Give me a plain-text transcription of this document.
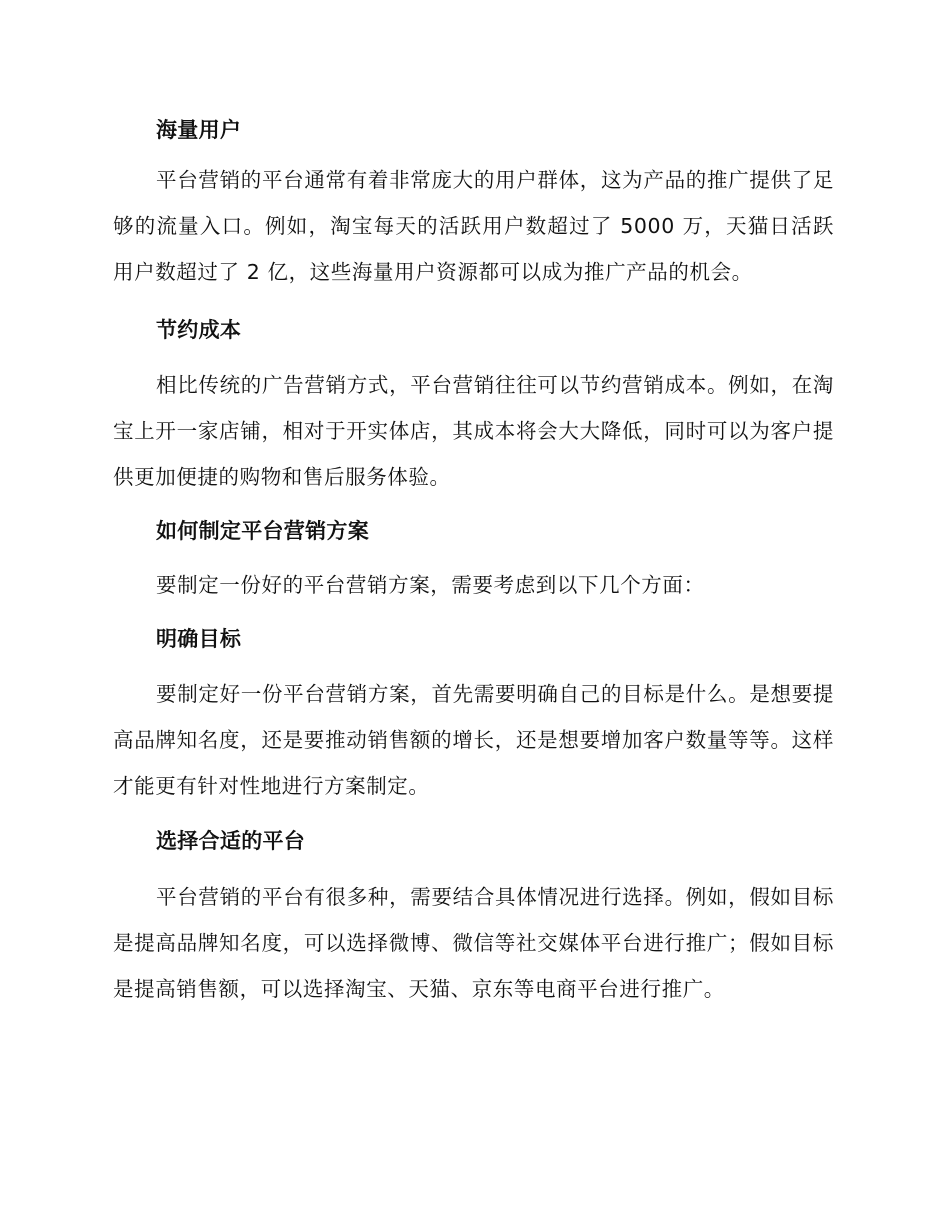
海量用户

平台营销的平台通常有着非常庞大的用户群体，这为产品的推广提供了足够的流量入口。例如，淘宝每天的活跃用户数超过了 5000 万，天猫日活跃用户数超过了 2 亿，这些海量用户资源都可以成为推广产品的机会。

节约成本

相比传统的广告营销方式，平台营销往往可以节约营销成本。例如，在淘宝上开一家店铺，相对于开实体店，其成本将会大大降低，同时可以为客户提供更加便捷的购物和售后服务体验。

如何制定平台营销方案

要制定一份好的平台营销方案，需要考虑到以下几个方面：

明确目标

要制定好一份平台营销方案，首先需要明确自己的目标是什么。是想要提高品牌知名度，还是要推动销售额的增长，还是想要增加客户数量等等。这样才能更有针对性地进行方案制定。

选择合适的平台

平台营销的平台有很多种，需要结合具体情况进行选择。例如，假如目标是提高品牌知名度，可以选择微博、微信等社交媒体平台进行推广；假如目标是提高销售额，可以选择淘宝、天猫、京东等电商平台进行推广。
